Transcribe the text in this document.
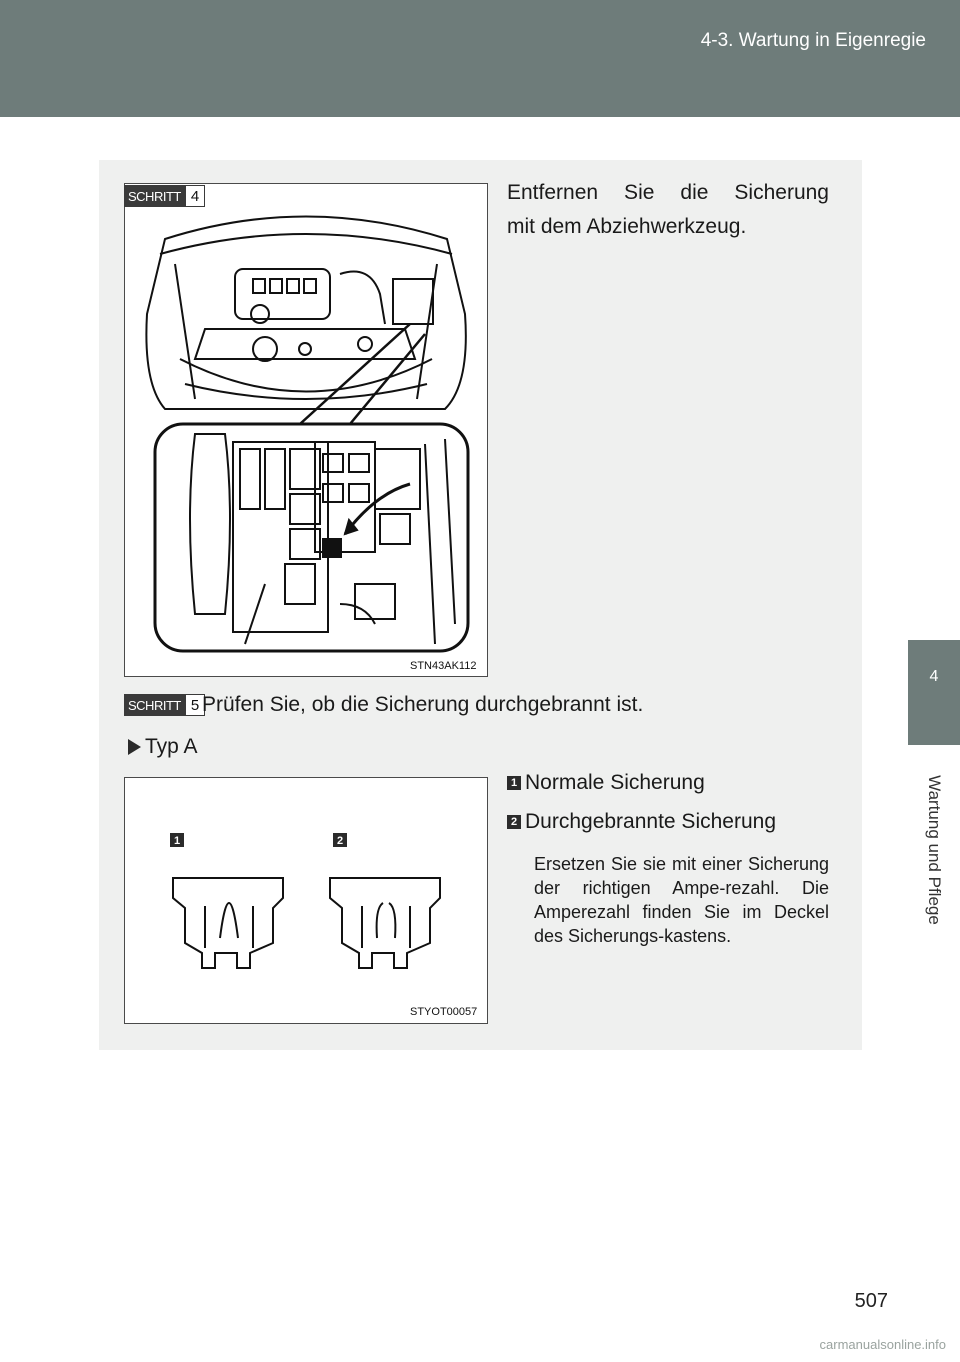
4-3. Wartung in Eigenregie
4
Wartung und Pflege
STN43AK112
SCHRITT 4	Entfernen Sie die Sicherung
mit dem Abziehwerkzeug.
SCHRITT 5 Prüfen Sie, ob die Sicherung durchgebrannt ist.
Typ A
1	2
STYOT00057
1 Normale Sicherung
2 Durchgebrannte Sicherung
Ersetzen Sie sie mit einer Sicherung der richtigen Ampe-rezahl. Die Amperezahl finden Sie im Deckel des Sicherungs-kastens.
507
carmanualsonline.info
